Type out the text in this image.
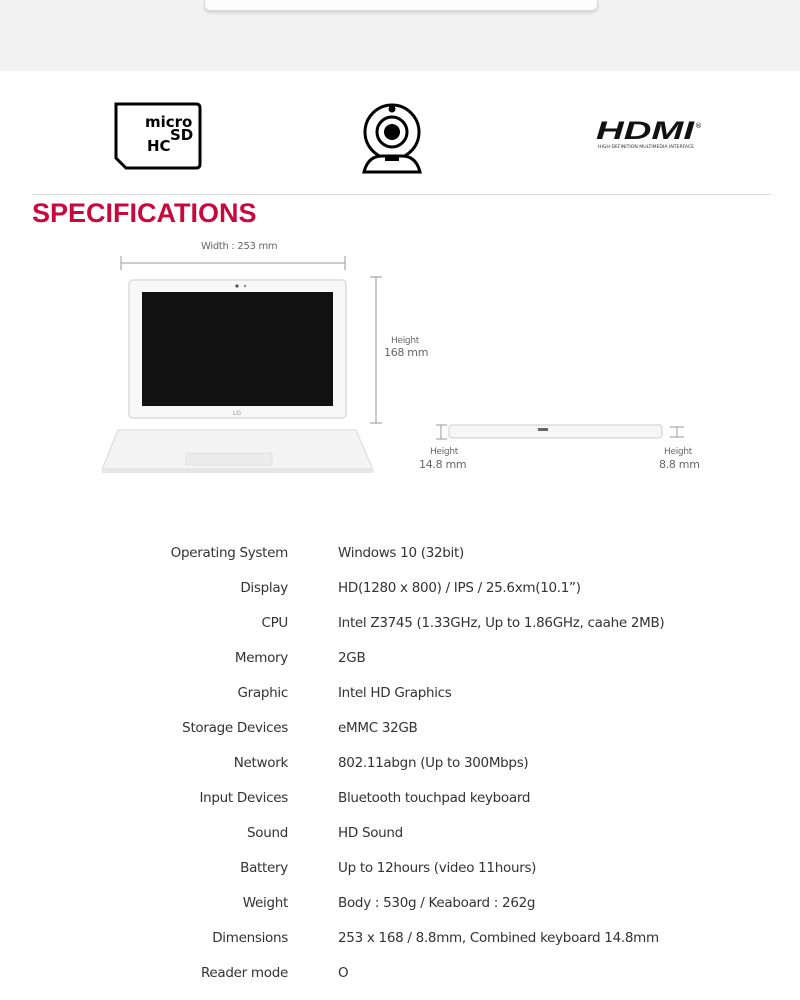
micro
SD
HC
HDMI ®
HIGH-DEFINITION MULTIMEDIA INTERFACE
SPECIFICATIONS
LG
Width : 253 mm
Height
168 mm
Height
14.8 mm
Height
8.8 mm
Operating System	Windows 10 (32bit)
Display	HD(1280 x 800) / IPS / 25.6xm(10.1”)
CPU	Intel Z3745 (1.33GHz, Up to 1.86GHz, caahe 2MB)
Memory	2GB
Graphic	Intel HD Graphics
Storage Devices	eMMC 32GB
Network	802.11abgn (Up to 300Mbps)
Input Devices	Bluetooth touchpad keyboard
Sound	HD Sound
Battery	Up to 12hours (video 11hours)
Weight	Body : 530g / Keaboard : 262g
Dimensions	253 x 168 / 8.8mm, Combined keyboard 14.8mm
Reader mode	O
